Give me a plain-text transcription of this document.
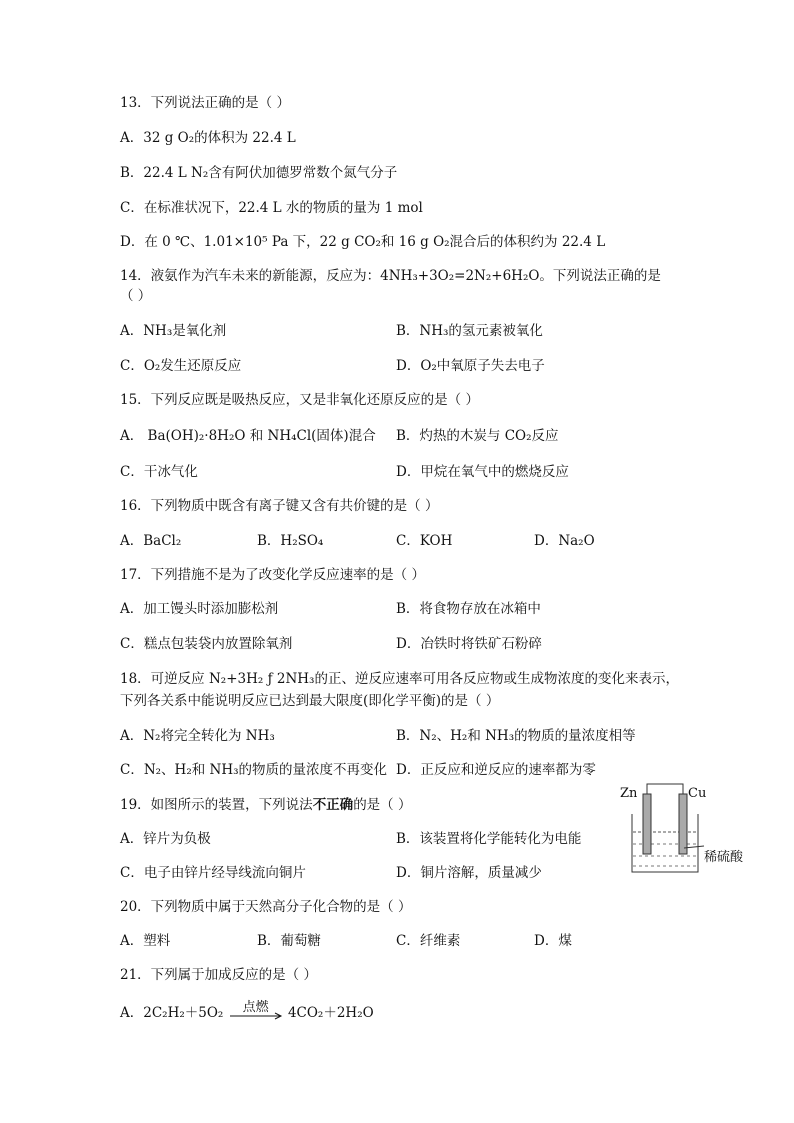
13．下列说法正确的是（ ）
A．32 g O₂的体积为 22.4 L
B．22.4 L N₂含有阿伏加德罗常数个氮气分子
C．在标准状况下，22.4 L 水的物质的量为 1 mol
D．在 0 ℃、1.01×10⁵ Pa 下，22 g CO₂和 16 g O₂混合后的体积约为 22.4 L
14．液氨作为汽车未来的新能源，反应为：4NH₃+3O₂=2N₂+6H₂O。下列说法正确的是
（ ）
A．NH₃是氧化剂	B．NH₃的氢元素被氧化
C．O₂发生还原反应	D．O₂中氧原子失去电子
15．下列反应既是吸热反应，又是非氧化还原反应的是（ ）
A． Ba(OH)₂·8H₂O 和 NH₄Cl(固体)混合 B．灼热的木炭与 CO₂反应
C．干冰气化	D．甲烷在氧气中的燃烧反应
16．下列物质中既含有离子键又含有共价键的是（ ）
A．BaCl₂	B．H₂SO₄	C．KOH	D．Na₂O
17．下列措施不是为了改变化学反应速率的是（ ）
A．加工馒头时添加膨松剂	B．将食物存放在冰箱中
C．糕点包装袋内放置除氧剂	D．冶铁时将铁矿石粉碎
18．可逆反应 N₂+3H₂ ƒ 2NH₃的正、逆反应速率可用各反应物或生成物浓度的变化来表示，
下列各关系中能说明反应已达到最大限度(即化学平衡)的是（ ）
A．N₂将完全转化为 NH₃	B．N₂、H₂和 NH₃的物质的量浓度相等
C．N₂、H₂和 NH₃的物质的量浓度不再变化 D．正反应和逆反应的速率都为零
19．如图所示的装置，下列说法不正确的是（ ）
A．锌片为负极	B．该装置将化学能转化为电能
C．电子由锌片经导线流向铜片	D．铜片溶解，质量减少
Zn	Cu
稀硫酸
20．下列物质中属于天然高分子化合物的是（ ）
A．塑料	B．葡萄糖	C．纤维素	D．煤
21．下列属于加成反应的是（ ）
A．2C₂H₂＋5O₂	点燃	4CO₂＋2H₂O
